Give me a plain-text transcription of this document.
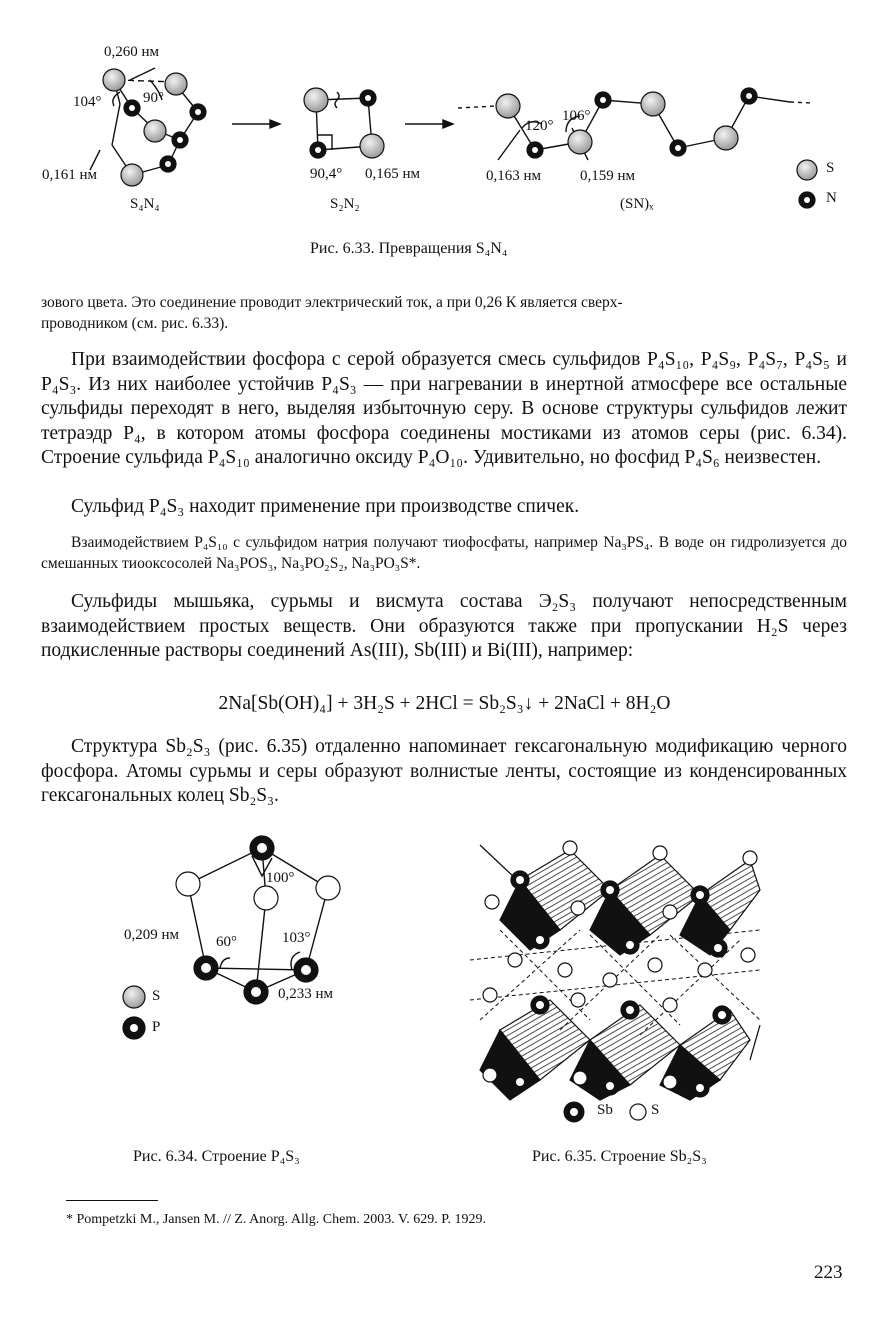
0,260 нм
104°	90°
0,161 нм
S₄N₄
90,4° 0,165 нм
S₂N₂
120°
106°
0,163 нм	0,159 нм
(SN)ₓ
S
N
Рис. 6.33. Превращения S₄N₄
зового цвета. Это соединение проводит электрический ток, а при 0,26 К является сверх-
проводником (см. рис. 6.33).
При взаимодействии фосфора с серой образуется смесь сульфидов P₄S₁₀, P₄S₉, P₄S₇, P₄S₅ и P₄S₃. Из них наиболее устойчив P₄S₃ — при нагревании в инертной атмосфере все остальные сульфиды переходят в него, выделяя избыточную серу. В основе структуры сульфидов лежит тетраэдр P₄, в котором атомы фосфора соединены мостиками из атомов серы (рис. 6.34). Строение сульфида P₄S₁₀ аналогично оксиду P₄O₁₀. Удивительно, но фосфид P₄S₆ неизвестен.
Сульфид P₄S₃ находит применение при производстве спичек.
Взаимодействием P₄S₁₀ с сульфидом натрия получают тиофосфаты, например Na₃PS₄. В воде он гидролизуется до смешанных тиооксосолей Na₃POS₃, Na₃PO₂S₂, Na₃PO₃S*.
Сульфиды мышьяка, сурьмы и висмута состава Э₂S₃ получают непосредственным взаимодействием простых веществ. Они образуются также при пропускании H₂S через подкисленные растворы соединений As(III), Sb(III) и Bi(III), например:
2Na[Sb(OH)₄] + 3H₂S + 2HCl = Sb₂S₃↓ + 2NaCl + 8H₂O
Структура Sb₂S₃ (рис. 6.35) отдаленно напоминает гексагональную модификацию черного фосфора. Атомы сурьмы и серы образуют волнистые ленты, состоящие из конденсированных гексагональных колец Sb₂S₃.
100°
60°	103°
0,209 нм
0,233 нм
S
P
Рис. 6.34. Строение P₄S₃
Sb	S
Рис. 6.35. Строение Sb₂S₃
* Pompetzki M., Jansen M. // Z. Anorg. Allg. Chem. 2003. V. 629. P. 1929.
223
